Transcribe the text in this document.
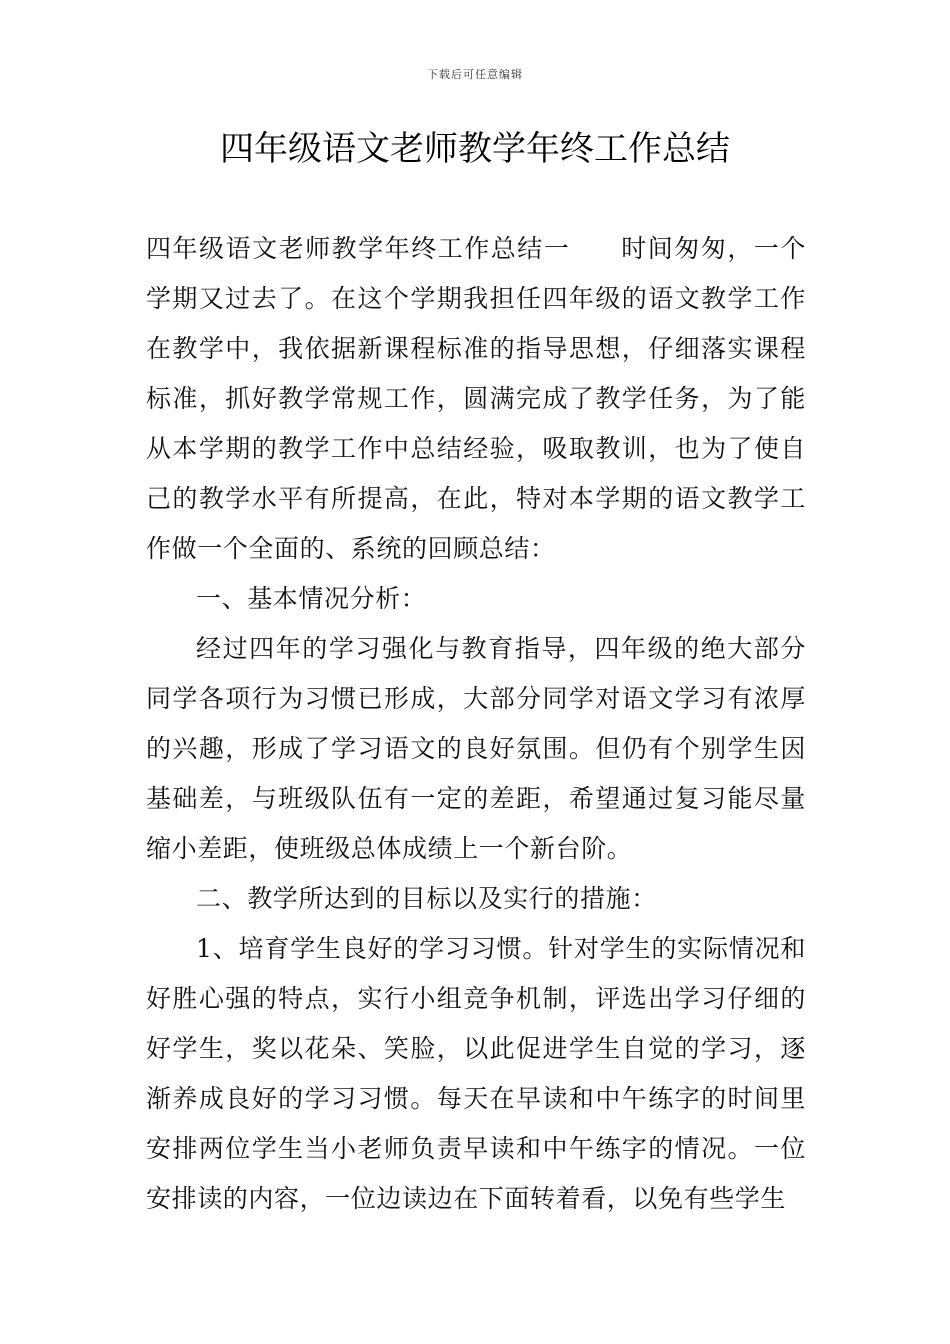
下载后可任意编辑
四年级语文老师教学年终工作总结

四年级语文老师教学年终工作总结一 时间匆匆，一个学期又过去了。在这个学期我担任四年级的语文教学工作在教学中，我依据新课程标准的指导思想，仔细落实课程标准，抓好教学常规工作，圆满完成了教学任务，为了能从本学期的教学工作中总结经验，吸取教训，也为了使自己的教学水平有所提高，在此，特对本学期的语文教学工作做一个全面的、系统的回顾总结：

一、基本情况分析：

经过四年的学习强化与教育指导，四年级的绝大部分同学各项行为习惯已形成，大部分同学对语文学习有浓厚的兴趣，形成了学习语文的良好氛围。但仍有个别学生因基础差，与班级队伍有一定的差距，希望通过复习能尽量缩小差距，使班级总体成绩上一个新台阶。

二、教学所达到的目标以及实行的措施：

1、培育学生良好的学习习惯。针对学生的实际情况和好胜心强的特点，实行小组竞争机制，评选出学习仔细的好学生，奖以花朵、笑脸，以此促进学生自觉的学习，逐渐养成良好的学习习惯。每天在早读和中午练字的时间里安排两位学生当小老师负责早读和中午练字的情况。一位安排读的内容，一位边读边在下面转着看，以免有些学生
